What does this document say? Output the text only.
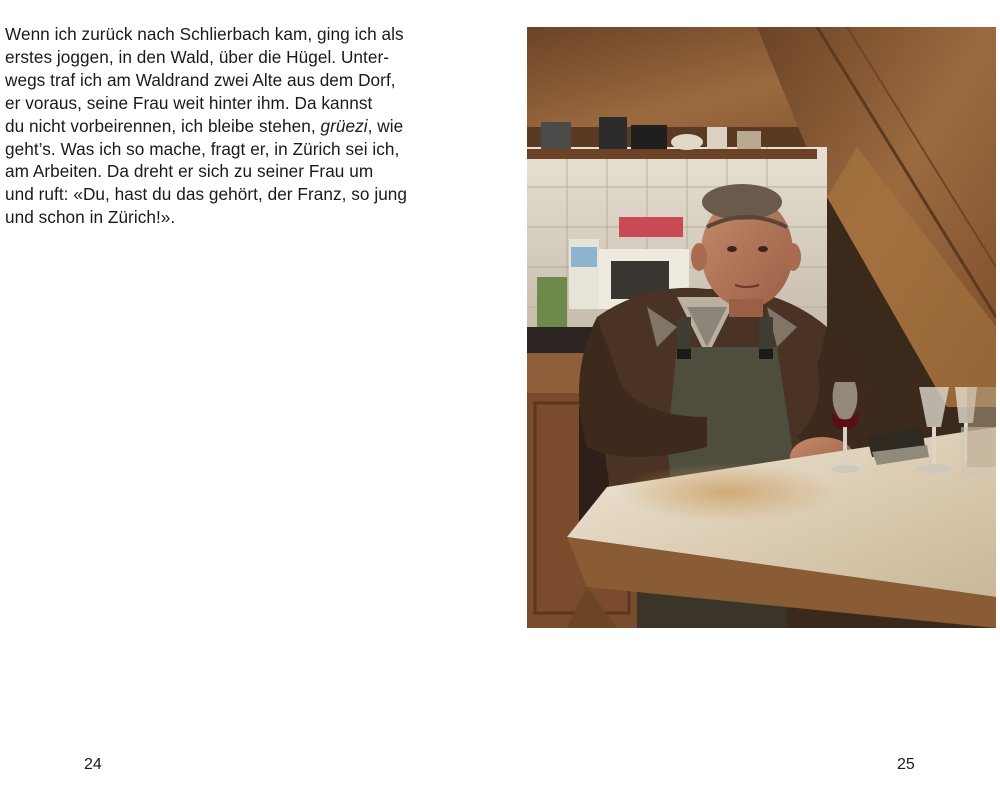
Wenn ich zurück nach Schlierbach kam, ging ich als
erstes joggen, in den Wald, über die Hügel. Unter-
wegs traf ich am Waldrand zwei Alte aus dem Dorf,
er voraus, seine Frau weit hinter ihm. Da kannst
du nicht vorbeirennen, ich bleibe stehen, grüezi, wie
geht’s. Was ich so mache, fragt er, in Zürich sei ich,
am Arbeiten. Da dreht er sich zu seiner Frau um
und ruft: «Du, hast du das gehört, der Franz, so jung
und schon in Zürich!».
24	25
